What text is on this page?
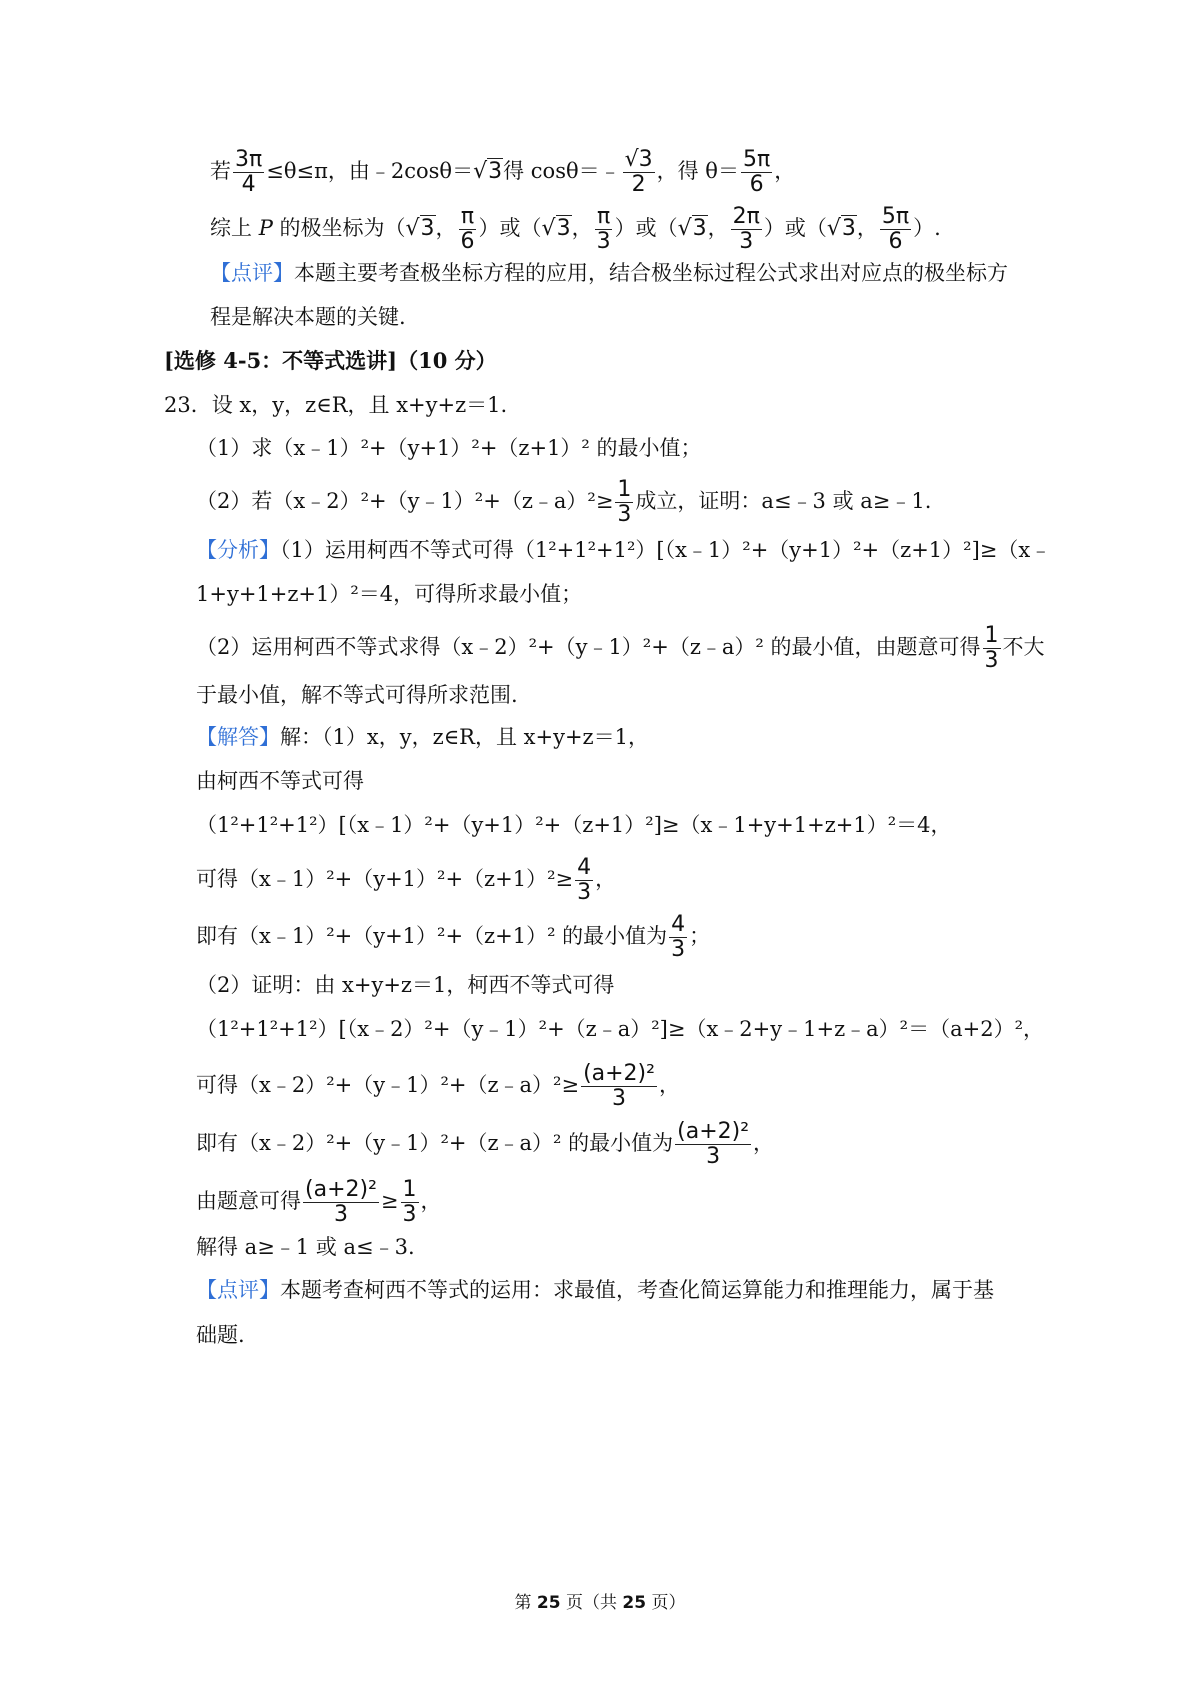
若 $\frac{3\pi}{4} \le\theta\le\pi$，由﹣2cosθ＝√3得 cosθ＝﹣ $\frac{√3}{2}$ ，得 $\theta= \frac{5\pi}{6}$ ，
综上 P 的极坐标为（√3， $\frac{\pi}{6}$ ）或（√3， $\frac{\pi}{3}$ ）或（√3， $\frac{2\pi}{3}$ ）或（√3， $\frac{5\pi}{6}$ ）.
【点评】本题主要考查极坐标方程的应用，结合极坐标过程公式求出对应点的极坐标方
程是解决本题的关键.
[选修 4-5：不等式选讲]（10 分）
23．设 x，y，z∈R，且 x+y+z＝1.
（1）求（x﹣1）²+（y+1）²+（z+1）² 的最小值；
（2）若（x﹣2）²+（y﹣1）²+（z﹣a）²≥ $\frac{1}{3}$ 成立，证明：a≤﹣3 或 a≥﹣1.
【分析】（1）运用柯西不等式可得（1²+1²+1²）[（x﹣1）²+（y+1）²+（z+1）²]≥（x﹣
1+y+1+z+1）²＝4，可得所求最小值；
（2）运用柯西不等式求得（x﹣2）²+（y﹣1）²+（z﹣a）² 的最小值，由题意可得 $\frac{1}{3}$ 不大
于最小值，解不等式可得所求范围.
【解答】解：（1）x，y，z∈R，且 x+y+z＝1，
由柯西不等式可得
（1²+1²+1²）[（x﹣1）²+（y+1）²+（z+1）²]≥（x﹣1+y+1+z+1）²＝4，
可得（x﹣1）²+（y+1）²+（z+1）²≥ $\frac{4}{3}$ ，
即有（x﹣1）²+（y+1）²+（z+1）² 的最小值为 $\frac{4}{3}$ ；
（2）证明：由 x+y+z＝1，柯西不等式可得
（1²+1²+1²）[（x﹣2）²+（y﹣1）²+（z﹣a）²]≥（x﹣2+y﹣1+z﹣a）²＝（a+2）²，
可得（x﹣2）²+（y﹣1）²+（z﹣a）²≥ $\frac{\text{(a+2)²}}{3}$ ，
即有（x﹣2）²+（y﹣1）²+（z﹣a）² 的最小值为 $\frac{\text{(a+2)²}}{3}$ ，
由题意可得 $\frac{\text{(a+2)²}}{3} \ge \frac{1}{3}$ ，
解得 a≥﹣1 或 a≤﹣3.
【点评】本题考查柯西不等式的运用：求最值，考查化简运算能力和推理能力，属于基
础题.
第 25 页（共 25 页）
